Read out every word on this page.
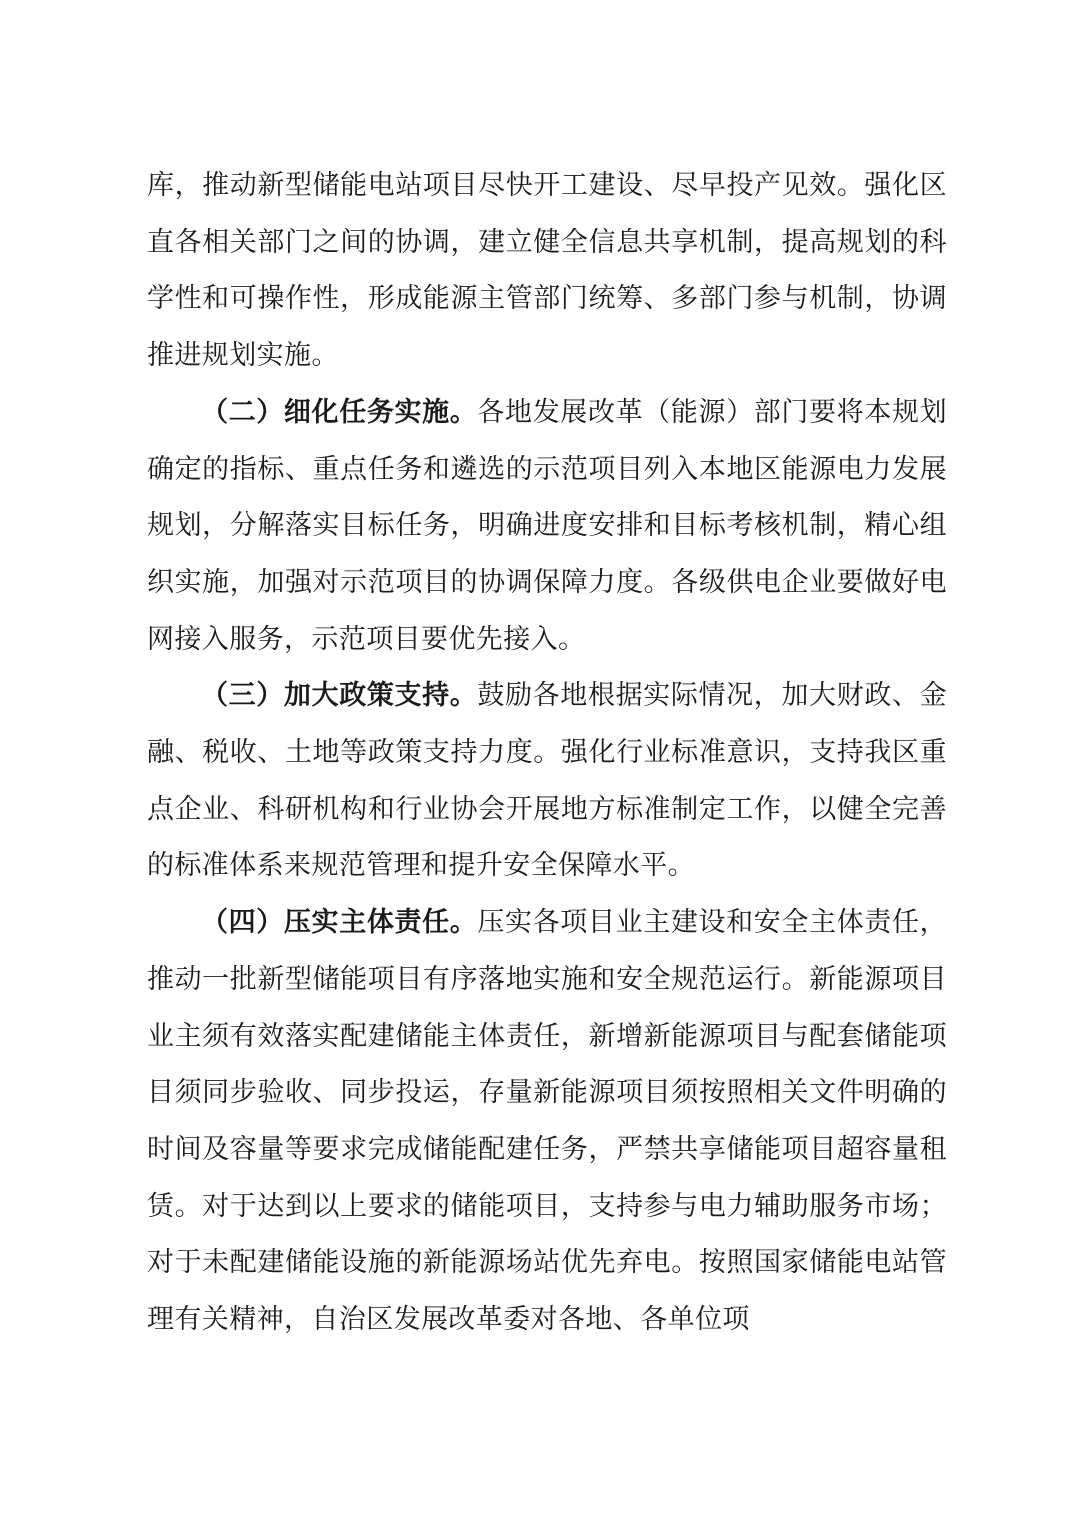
库，推动新型储能电站项目尽快开工建设、尽早投产见效。强化区直各相关部门之间的协调，建立健全信息共享机制，提高规划的科学性和可操作性，形成能源主管部门统筹、多部门参与机制，协调推进规划实施。

（二）细化任务实施。各地发展改革（能源）部门要将本规划确定的指标、重点任务和遴选的示范项目列入本地区能源电力发展规划，分解落实目标任务，明确进度安排和目标考核机制，精心组织实施，加强对示范项目的协调保障力度。各级供电企业要做好电网接入服务，示范项目要优先接入。

（三）加大政策支持。鼓励各地根据实际情况，加大财政、金融、税收、土地等政策支持力度。强化行业标准意识，支持我区重点企业、科研机构和行业协会开展地方标准制定工作，以健全完善的标准体系来规范管理和提升安全保障水平。

（四）压实主体责任。压实各项目业主建设和安全主体责任，推动一批新型储能项目有序落地实施和安全规范运行。新能源项目业主须有效落实配建储能主体责任，新增新能源项目与配套储能项目须同步验收、同步投运，存量新能源项目须按照相关文件明确的时间及容量等要求完成储能配建任务，严禁共享储能项目超容量租赁。对于达到以上要求的储能项目，支持参与电力辅助服务市场；对于未配建储能设施的新能源场站优先弃电。按照国家储能电站管理有关精神，自治区发展改革委对各地、各单位项
